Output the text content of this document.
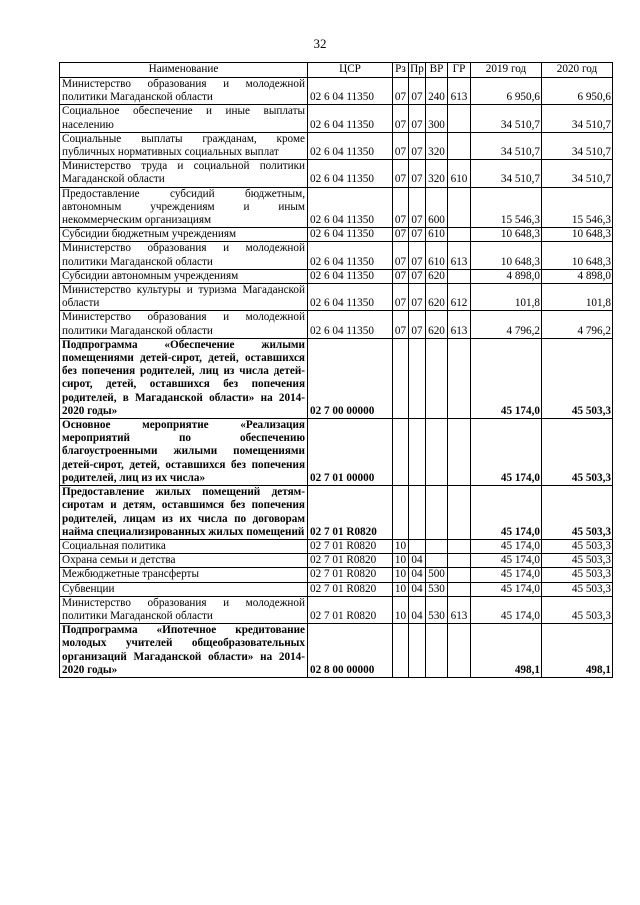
32
Наименование	ЦСР	Рз	Пр	ВР	ГР	2019 год	2020 год
Министерство образования и молодежной политики Магаданской области	02 6 04 11350	07	07	240	613	6 950,6	6 950,6
Социальное обеспечение и иные выплаты населению	02 6 04 11350	07	07	300		34 510,7	34 510,7
Социальные выплаты гражданам, кроме публичных нормативных социальных выплат	02 6 04 11350	07	07	320		34 510,7	34 510,7
Министерство труда и социальной политики Магаданской области	02 6 04 11350	07	07	320	610	34 510,7	34 510,7
Предоставление субсидий бюджетным, автономным учреждениям и иным некоммерческим организациям	02 6 04 11350	07	07	600		15 546,3	15 546,3
Субсидии бюджетным учреждениям	02 6 04 11350	07	07	610		10 648,3	10 648,3
Министерство образования и молодежной политики Магаданской области	02 6 04 11350	07	07	610	613	10 648,3	10 648,3
Субсидии автономным учреждениям	02 6 04 11350	07	07	620		4 898,0	4 898,0
Министерство культуры и туризма Магаданской области	02 6 04 11350	07	07	620	612	101,8	101,8
Министерство образования и молодежной политики Магаданской области	02 6 04 11350	07	07	620	613	4 796,2	4 796,2
Подпрограмма «Обеспечение жилыми помещениями детей-сирот, детей, оставшихся без попечения родителей, лиц из числа детей-сирот, детей, оставшихся без попечения родителей, в Магаданской области» на 2014-2020 годы»	02 7 00 00000					45 174,0	45 503,3
Основное мероприятие «Реализация мероприятий по обеспечению благоустроенными жилыми помещениями детей-сирот, детей, оставшихся без попечения родителей, лиц из их числа»	02 7 01 00000					45 174,0	45 503,3
Предоставление жилых помещений детям-сиротам и детям, оставшимся без попечения родителей, лицам из их числа по договорам найма специализированных жилых помещений	02 7 01 R0820					45 174,0	45 503,3
Социальная политика	02 7 01 R0820	10				45 174,0	45 503,3
Охрана семьи и детства	02 7 01 R0820	10	04			45 174,0	45 503,3
Межбюджетные трансферты	02 7 01 R0820	10	04	500		45 174,0	45 503,3
Субвенции	02 7 01 R0820	10	04	530		45 174,0	45 503,3
Министерство образования и молодежной политики Магаданской области	02 7 01 R0820	10	04	530	613	45 174,0	45 503,3
Подпрограмма «Ипотечное кредитование молодых учителей общеобразовательных организаций Магаданской области» на 2014-2020 годы»	02 8 00 00000					498,1	498,1
